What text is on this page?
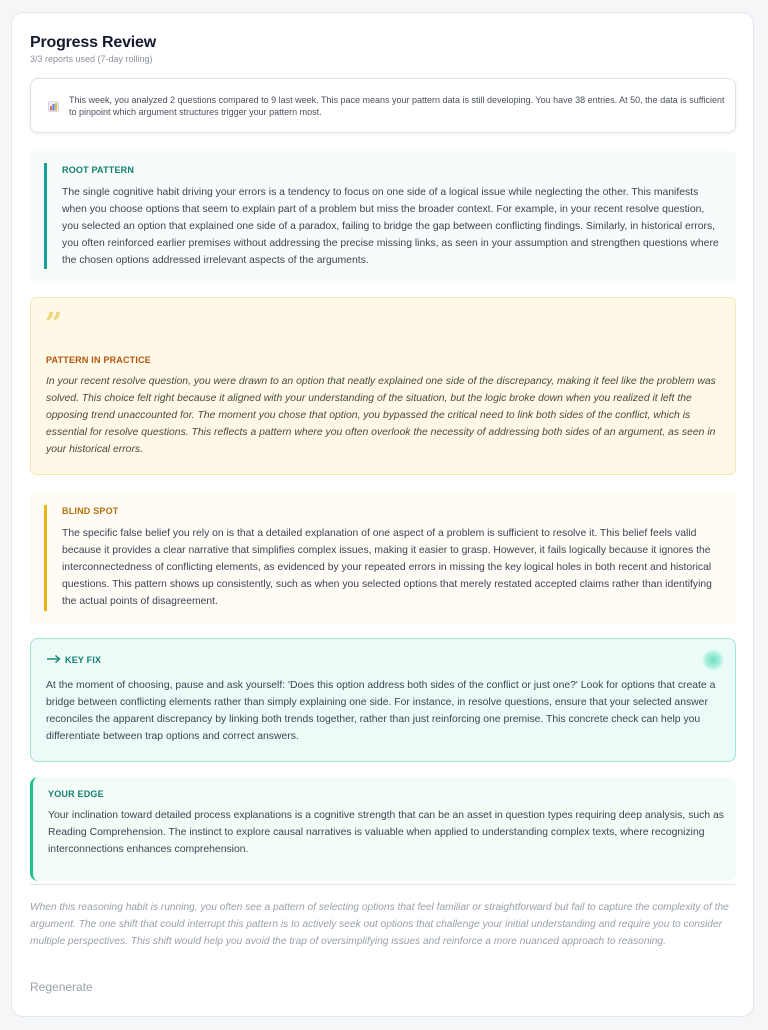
Progress Review
3/3 reports used (7-day rolling)
This week, you analyzed 2 questions compared to 9 last week. This pace means your pattern data is still developing. You have 38 entries. At 50, the data is sufficient to pinpoint which argument structures trigger your pattern most.
ROOT PATTERN
The single cognitive habit driving your errors is a tendency to focus on one side of a logical issue while neglecting the other. This manifests when you choose options that seem to explain part of a problem but miss the broader context. For example, in your recent resolve question, you selected an option that explained one side of a paradox, failing to bridge the gap between conflicting findings. Similarly, in historical errors, you often reinforced earlier premises without addressing the precise missing links, as seen in your assumption and strengthen questions where the chosen options addressed irrelevant aspects of the arguments.
”
PATTERN IN PRACTICE
In your recent resolve question, you were drawn to an option that neatly explained one side of the discrepancy, making it feel like the problem was solved. This choice felt right because it aligned with your understanding of the situation, but the logic broke down when you realized it left the opposing trend unaccounted for. The moment you chose that option, you bypassed the critical need to link both sides of the conflict, which is essential for resolve questions. This reflects a pattern where you often overlook the necessity of addressing both sides of an argument, as seen in your historical errors.
BLIND SPOT
The specific false belief you rely on is that a detailed explanation of one aspect of a problem is sufficient to resolve it. This belief feels valid because it provides a clear narrative that simplifies complex issues, making it easier to grasp. However, it fails logically because it ignores the interconnectedness of conflicting elements, as evidenced by your repeated errors in missing the key logical holes in both recent and historical questions. This pattern shows up consistently, such as when you selected options that merely restated accepted claims rather than identifying the actual points of disagreement.
KEY FIX
At the moment of choosing, pause and ask yourself: 'Does this option address both sides of the conflict or just one?' Look for options that create a bridge between conflicting elements rather than simply explaining one side. For instance, in resolve questions, ensure that your selected answer reconciles the apparent discrepancy by linking both trends together, rather than just reinforcing one premise. This concrete check can help you differentiate between trap options and correct answers.
YOUR EDGE
Your inclination toward detailed process explanations is a cognitive strength that can be an asset in question types requiring deep analysis, such as Reading Comprehension. The instinct to explore causal narratives is valuable when applied to understanding complex texts, where recognizing interconnections enhances comprehension.
When this reasoning habit is running, you often see a pattern of selecting options that feel familiar or straightforward but fail to capture the complexity of the argument. The one shift that could interrupt this pattern is to actively seek out options that challenge your initial understanding and require you to consider multiple perspectives. This shift would help you avoid the trap of oversimplifying issues and reinforce a more nuanced approach to reasoning.
Regenerate
